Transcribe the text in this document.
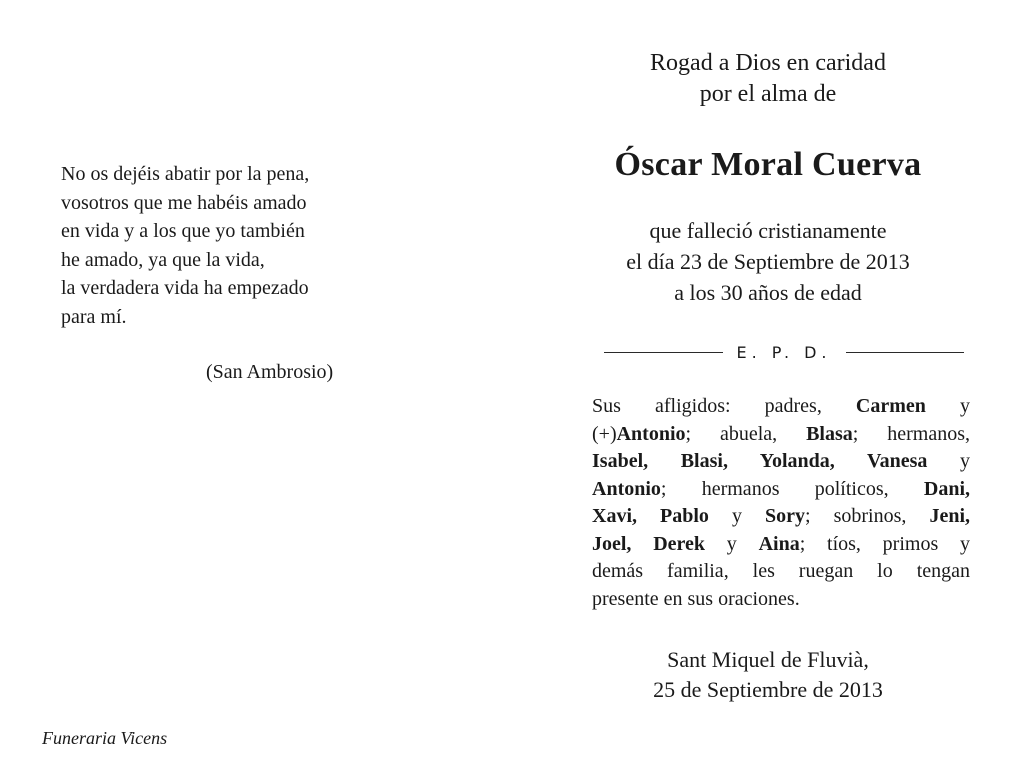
No os dejéis abatir por la pena,
vosotros que me habéis amado
en vida y a los que yo también
he amado, ya que la vida,
la verdadera vida ha empezado
para mí.

(San Ambrosio)

Funeraria Vicens

Rogad a Dios en caridad
por el alma de
Óscar Moral Cuerva
que falleció cristianamente
el día 23 de Septiembre de 2013
a los 30 años de edad
E. P. D.

Sus afligidos: padres, Carmen y
(+)Antonio; abuela, Blasa; hermanos,
Isabel, Blasi, Yolanda, Vanesa y
Antonio; hermanos políticos, Dani,
Xavi, Pablo y Sory; sobrinos, Jeni,
Joel, Derek y Aina; tíos, primos y
demás familia, les ruegan lo tengan
presente en sus oraciones.

Sant Miquel de Fluvià,
25 de Septiembre de 2013
